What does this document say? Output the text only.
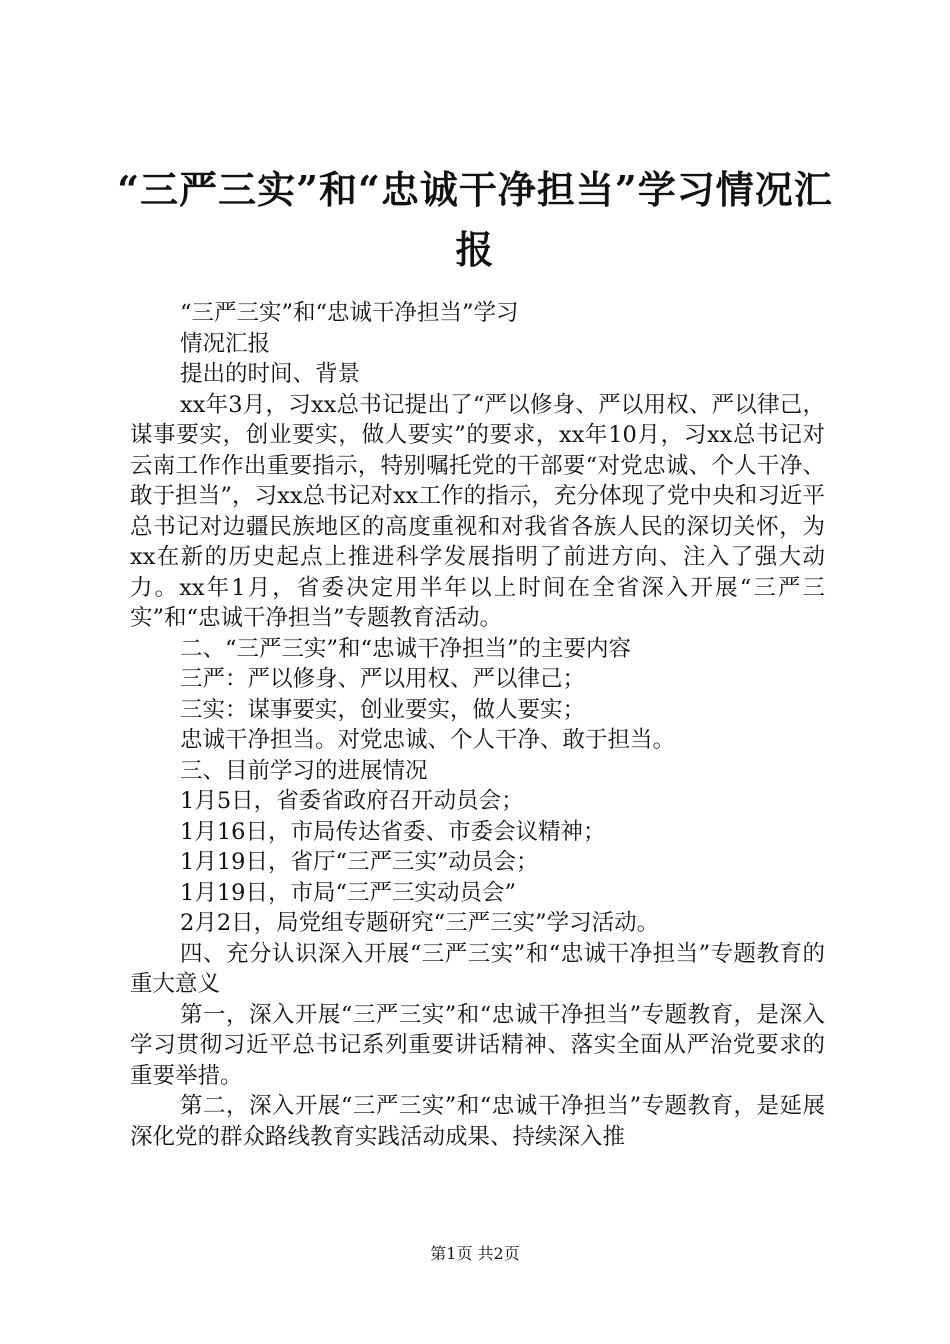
“三严三实”和“忠诚干净担当”学习情况汇报

“三严三实”和“忠诚干净担当”学习

情况汇报

提出的时间、背景

xx年3月，习xx总书记提出了“严以修身、严以用权、严以律己，谋事要实，创业要实，做人要实”的要求，xx年10月，习xx总书记对云南工作作出重要指示，特别嘱托党的干部要“对党忠诚、个人干净、敢于担当”，习xx总书记对xx工作的指示，充分体现了党中央和习近平总书记对边疆民族地区的高度重视和对我省各族人民的深切关怀，为xx在新的历史起点上推进科学发展指明了前进方向、注入了强大动力。xx年1月，省委决定用半年以上时间在全省深入开展“三严三实”和“忠诚干净担当”专题教育活动。

二、“三严三实”和“忠诚干净担当”的主要内容

三严：严以修身、严以用权、严以律己；

三实：谋事要实，创业要实，做人要实；

忠诚干净担当。对党忠诚、个人干净、敢于担当。

三、目前学习的进展情况

1月5日，省委省政府召开动员会；

1月16日，市局传达省委、市委会议精神；

1月19日，省厅“三严三实”动员会；

1月19日，市局“三严三实动员会”

2月2日，局党组专题研究“三严三实”学习活动。

四、充分认识深入开展“三严三实”和“忠诚干净担当”专题教育的重大意义

第一，深入开展“三严三实”和“忠诚干净担当”专题教育，是深入学习贯彻习近平总书记系列重要讲话精神、落实全面从严治党要求的重要举措。

第二，深入开展“三严三实”和“忠诚干净担当”专题教育，是延展深化党的群众路线教育实践活动成果、持续深入推

第1页 共2页
